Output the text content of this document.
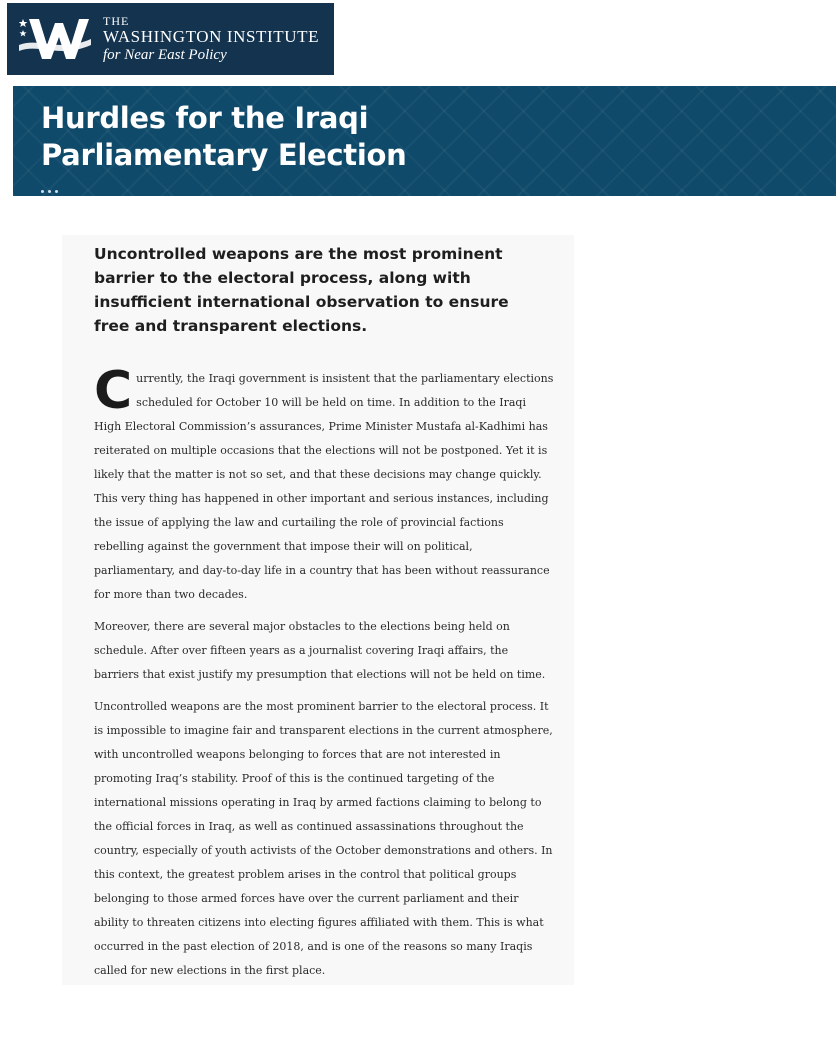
THE
WASHINGTON INSTITUTE
for Near East Policy
Hurdles for the Iraqi Parliamentary Election

Uncontrolled weapons are the most prominent barrier to the electoral process, along with insufficient international observation to ensure free and transparent elections.

Currently, the Iraqi government is insistent that the parliamentary elections scheduled for October 10 will be held on time. In addition to the Iraqi High Electoral Commission’s assurances, Prime Minister Mustafa al-Kadhimi has reiterated on multiple occasions that the elections will not be postponed. Yet it is likely that the matter is not so set, and that these decisions may change quickly. This very thing has happened in other important and serious instances, including the issue of applying the law and curtailing the role of provincial factions rebelling against the government that impose their will on political, parliamentary, and day-to-day life in a country that has been without reassurance for more than two decades.

Moreover, there are several major obstacles to the elections being held on schedule. After over fifteen years as a journalist covering Iraqi affairs, the barriers that exist justify my presumption that elections will not be held on time.

Uncontrolled weapons are the most prominent barrier to the electoral process. It is impossible to imagine fair and transparent elections in the current atmosphere, with uncontrolled weapons belonging to forces that are not interested in promoting Iraq’s stability. Proof of this is the continued targeting of the international missions operating in Iraq by armed factions claiming to belong to the official forces in Iraq, as well as continued assassinations throughout the country, especially of youth activists of the October demonstrations and others. In this context, the greatest problem arises in the control that political groups belonging to those armed forces have over the current parliament and their ability to threaten citizens into electing figures affiliated with them. This is what occurred in the past election of 2018, and is one of the reasons so many Iraqis called for new elections in the first place.
